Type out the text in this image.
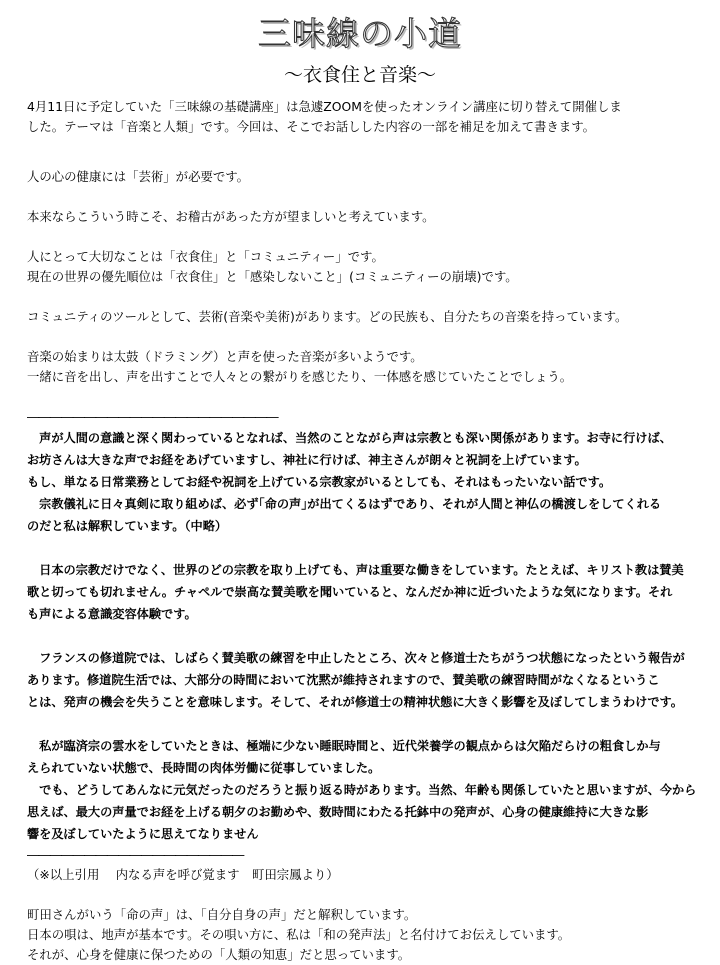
三味線の小道
～衣食住と音楽～
4月11日に予定していた「三味線の基礎講座」は急遽ZOOMを使ったオンライン講座に切り替えて開催しま
した。テーマは「音楽と人類」です。今回は、そこでお話しした内容の一部を補足を加えて書きます。
人の心の健康には「芸術」が必要です。
本来ならこういう時こそ、お稽古があった方が望ましいと考えています。
人にとって大切なことは「衣食住」と「コミュニティー」です。
現在の世界の優先順位は「衣食住」と「感染しないこと」(コミュニティーの崩壊)です。
コミュニティのツールとして、芸術(音楽や美術)があります。どの民族も、自分たちの音楽を持っています。
音楽の始まりは太鼓（ドラミング）と声を使った音楽が多いようです。
一緒に音を出し、声を出すことで人々との繋がりを感じたり、一体感を感じていたことでしょう。
――――――――――――――――――――――
　声が人間の意識と深く関わっているとなれば、当然のことながら声は宗教とも深い関係があります。お寺に行けば、
お坊さんは大きな声でお経をあげていますし、神社に行けば、神主さんが朗々と祝詞を上げています。
もし、単なる日常業務としてお経や祝詞を上げている宗教家がいるとしても、それはもったいない話です。
　宗教儀礼に日々真剣に取り組めば、必ず｢命の声｣が出てくるはずであり、それが人間と神仏の橋渡しをしてくれる
のだと私は解釈しています。（中略）
　日本の宗教だけでなく、世界のどの宗教を取り上げても、声は重要な働きをしています。たとえば、キリスト教は賛美
歌と切っても切れません。チャペルで崇高な賛美歌を聞いていると、なんだか神に近づいたような気になります。それ
も声による意識変容体験です。
　フランスの修道院では、しばらく賛美歌の練習を中止したところ、次々と修道士たちがうつ状態になったという報告が
あります。修道院生活では、大部分の時間において沈黙が維持されますので、賛美歌の練習時間がなくなるというこ
とは、発声の機会を失うことを意味します。そして、それが修道士の精神状態に大きく影響を及ぼしてしまうわけです。
　私が臨済宗の雲水をしていたときは、極端に少ない睡眠時間と、近代栄養学の観点からは欠陥だらけの粗食しか与
えられていない状態で、長時間の肉体労働に従事していました。
　でも、どうしてあんなに元気だったのだろうと振り返る時があります。当然、年齢も関係していたと思いますが、今から
思えば、最大の声量でお経を上げる朝夕のお勤めや、数時間にわたる托鉢中の発声が、心身の健康維持に大きな影
響を及ぼしていたように思えてなりません
―――――――――――――――――――
（※以上引用　 内なる声を呼び覚ます　町田宗鳳より）
町田さんがいう「命の声」は、「自分自身の声」だと解釈しています。
日本の唄は、地声が基本です。その唄い方に、私は「和の発声法」と名付けてお伝えしています。
それが、心身を健康に保つための「人類の知恵」だと思っています。
